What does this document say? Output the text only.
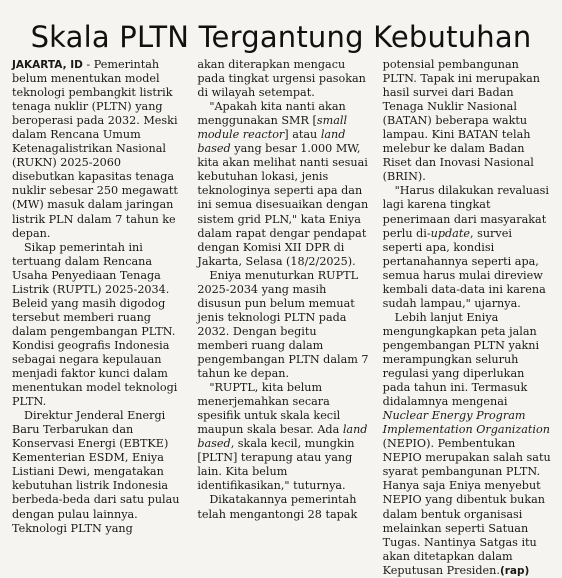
Skala PLTN Tergantung Kebutuhan

JAKARTA, ID - Pemerintah belum menentukan model teknologi pembangkit listrik tenaga nuklir (PLTN) yang beroperasi pada 2032. Meski dalam Rencana Umum Ketenagalistrikan Nasional (RUKN) 2025-2060 disebutkan kapasitas tenaga nuklir sebesar 250 megawatt (MW) masuk dalam jaringan listrik PLN dalam 7 tahun ke depan.

Sikap pemerintah ini tertuang dalam Rencana Usaha Penyediaan Tenaga Listrik (RUPTL) 2025-2034. Beleid yang masih digodog tersebut memberi ruang dalam pengembangan PLTN. Kondisi geografis Indonesia sebagai negara kepulauan menjadi faktor kunci dalam menentukan model teknologi PLTN.

Direktur Jenderal Energi Baru Terbarukan dan Konservasi Energi (EBTKE) Kementerian ESDM, Eniya Listiani Dewi, mengatakan kebutuhan listrik Indonesia berbeda-beda dari satu pulau dengan pulau lainnya. Teknologi PLTN yang

akan diterapkan mengacu pada tingkat urgensi pasokan di wilayah setempat.

"Apakah kita nanti akan menggunakan SMR [small module reactor] atau land based yang besar 1.000 MW, kita akan melihat nanti sesuai kebutuhan lokasi, jenis teknologinya seperti apa dan ini semua disesuaikan dengan sistem grid PLN," kata Eniya dalam rapat dengar pendapat dengan Komisi XII DPR di Jakarta, Selasa (18/2/2025).

Eniya menuturkan RUPTL 2025-2034 yang masih disusun pun belum memuat jenis teknologi PLTN pada 2032. Dengan begitu memberi ruang dalam pengembangan PLTN dalam 7 tahun ke depan.

"RUPTL, kita belum menerjemahkan secara spesifik untuk skala kecil maupun skala besar. Ada land based, skala kecil, mungkin [PLTN] terapung atau yang lain. Kita belum identifikasikan," tuturnya.

Dikatakannya pemerintah telah mengantongi 28 tapak

potensial pembangunan PLTN. Tapak ini merupakan hasil survei dari Badan Tenaga Nuklir Nasional (BATAN) beberapa waktu lampau. Kini BATAN telah melebur ke dalam Badan Riset dan Inovasi Nasional (BRIN).

"Harus dilakukan revaluasi lagi karena tingkat penerimaan dari masyarakat perlu di-update, survei seperti apa, kondisi pertanahannya seperti apa, semua harus mulai direview kembali data-data ini karena sudah lampau," ujarnya.

Lebih lanjut Eniya mengungkapkan peta jalan pengembangan PLTN yakni merampungkan seluruh regulasi yang diperlukan pada tahun ini. Termasuk didalamnya mengenai Nuclear Energy Program Implementation Organization (NEPIO). Pembentukan NEPIO merupakan salah satu syarat pembangunan PLTN. Hanya saja Eniya menyebut NEPIO yang dibentuk bukan dalam bentuk organisasi melainkan seperti Satuan Tugas. Nantinya Satgas itu akan ditetapkan dalam Keputusan Presiden.(rap)
